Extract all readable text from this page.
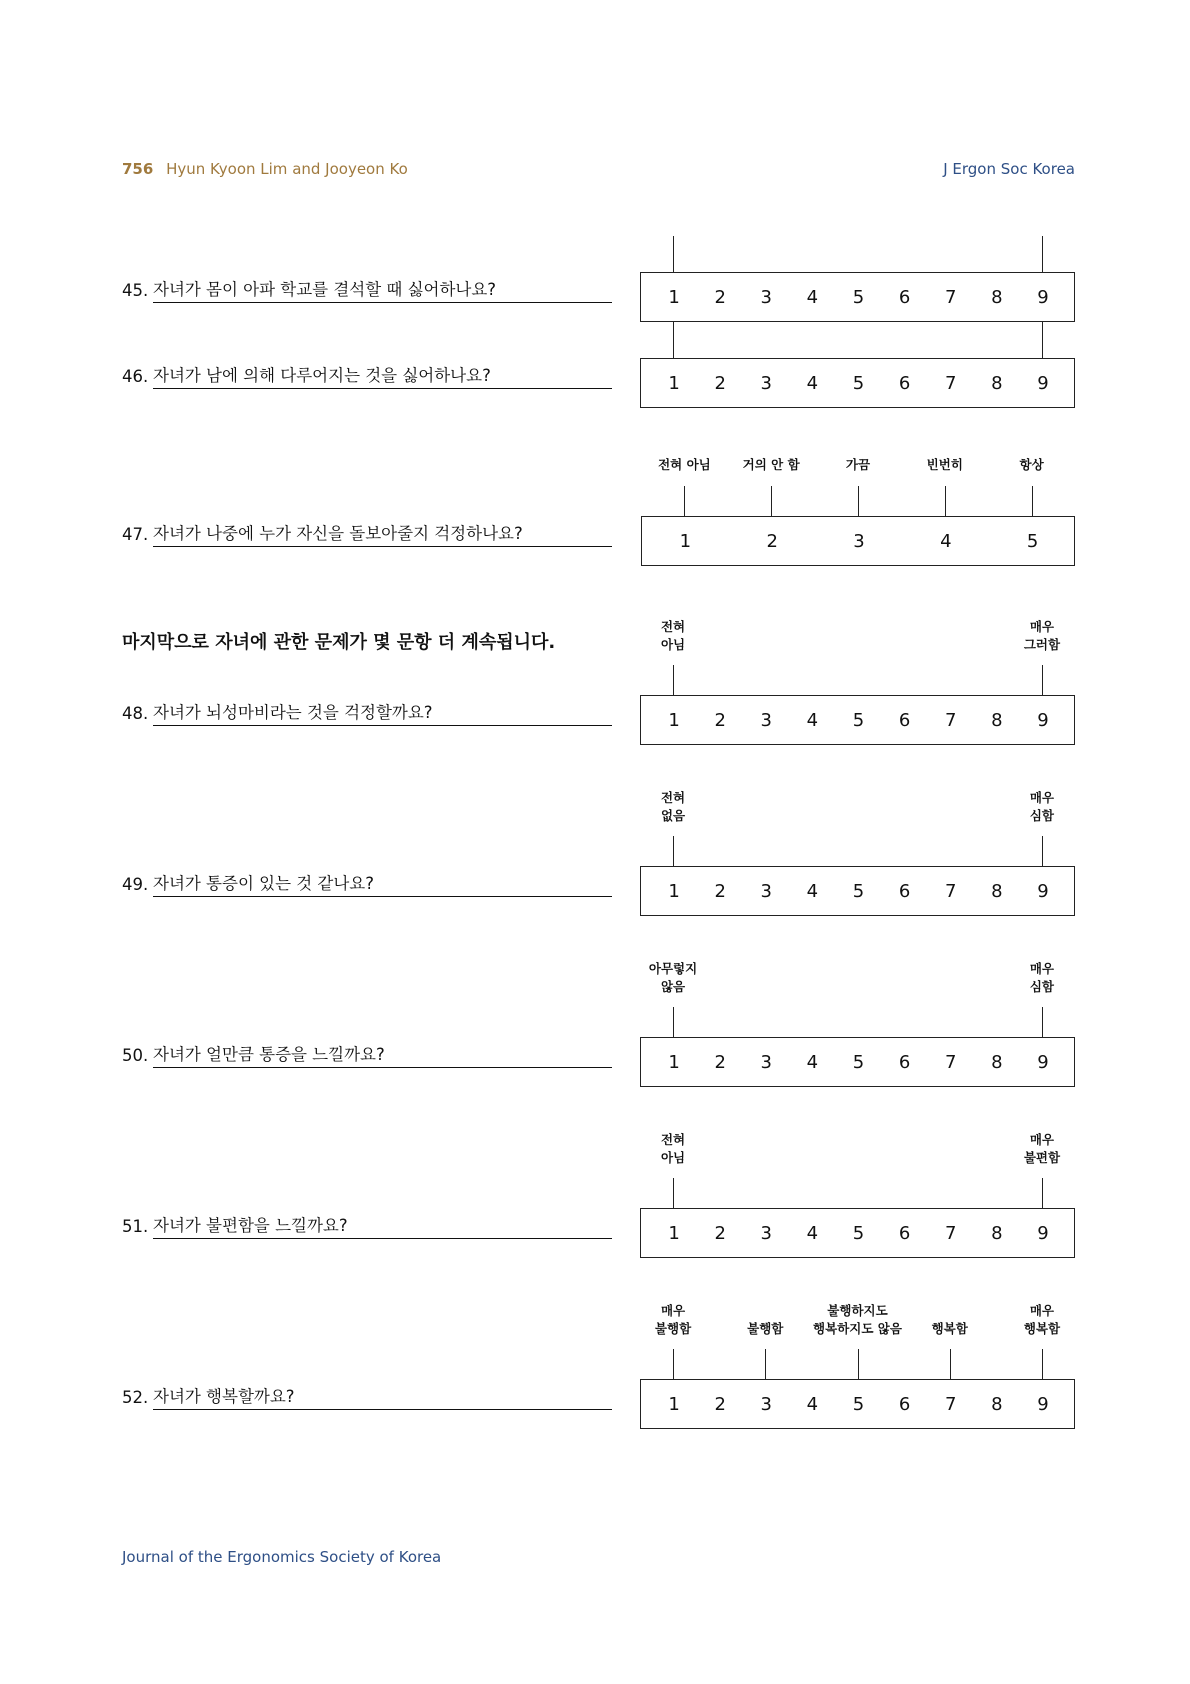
756 Hyun Kyoon Lim and Jooyeon Ko	J Ergon Soc Korea
마지막으로 자녀에 관한 문제가 몇 문항 더 계속됩니다.
45. 자녀가 몸이 아파 학교를 결석할 때 싫어하나요?	1	2	3	4	5	6	7	8	9
46. 자녀가 남에 의해 다루어지는 것을 싫어하나요?	1	2	3	4	5	6	7	8	9
47. 자녀가 나중에 누가 자신을 돌보아줄지 걱정하나요?	1	2	3	4	5
전혀 아님	거의 안 함	가끔	빈번히	항상
48. 자녀가 뇌성마비라는 것을 걱정할까요?	1	2	3	4	5	6	7	8	9
전혀
아님
매우
그러함
49. 자녀가 통증이 있는 것 같나요?	1	2	3	4	5	6	7	8	9
전혀
없음
매우
심함
50. 자녀가 얼만큼 통증을 느낄까요?	1	2	3	4	5	6	7	8	9
아무렇지
않음
매우
심함
51. 자녀가 불편함을 느낄까요?	1	2	3	4	5	6	7	8	9
전혀
아님
매우
불편함
52. 자녀가 행복할까요?	1	2	3	4	5	6	7	8	9
매우
불행함	불행함
불행하지도
행복하지도 않음 행복함
매우
행복함
Journal of the Ergonomics Society of Korea
